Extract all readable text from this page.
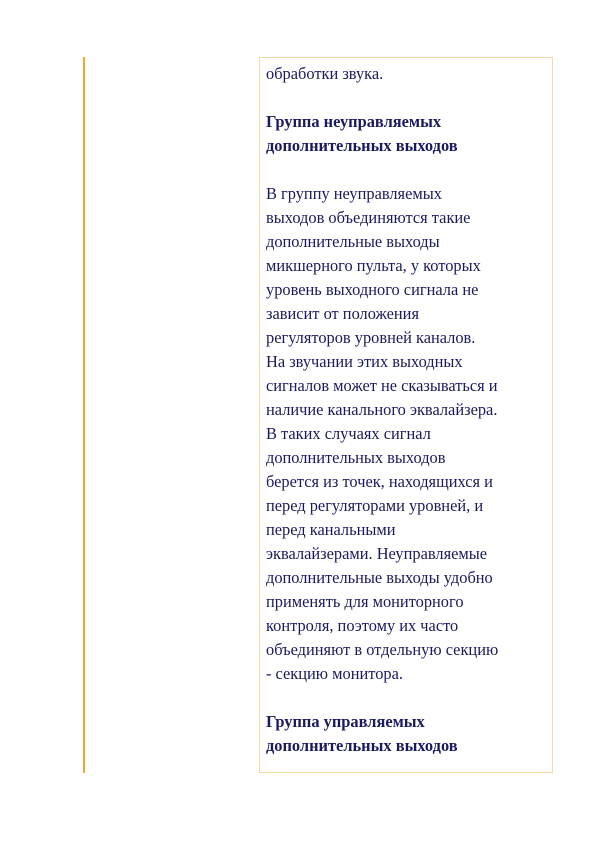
обработки звука.

Группа неуправляемых
дополнительных выходов

В группу неуправляемых
выходов объединяются такие
дополнительные выходы
микшерного пульта, у которых
уровень выходного сигнала не
зависит от положения
регуляторов уровней каналов.
На звучании этих выходных
сигналов может не сказываться и
наличие канального эквалайзера.
В таких случаях сигнал
дополнительных выходов
берется из точек, находящихся и
перед регуляторами уровней, и
перед канальными
эквалайзерами. Неуправляемые
дополнительные выходы удобно
применять для мониторного
контроля, поэтому их часто
объединяют в отдельную секцию
- секцию монитора.

Группа управляемых
дополнительных выходов
